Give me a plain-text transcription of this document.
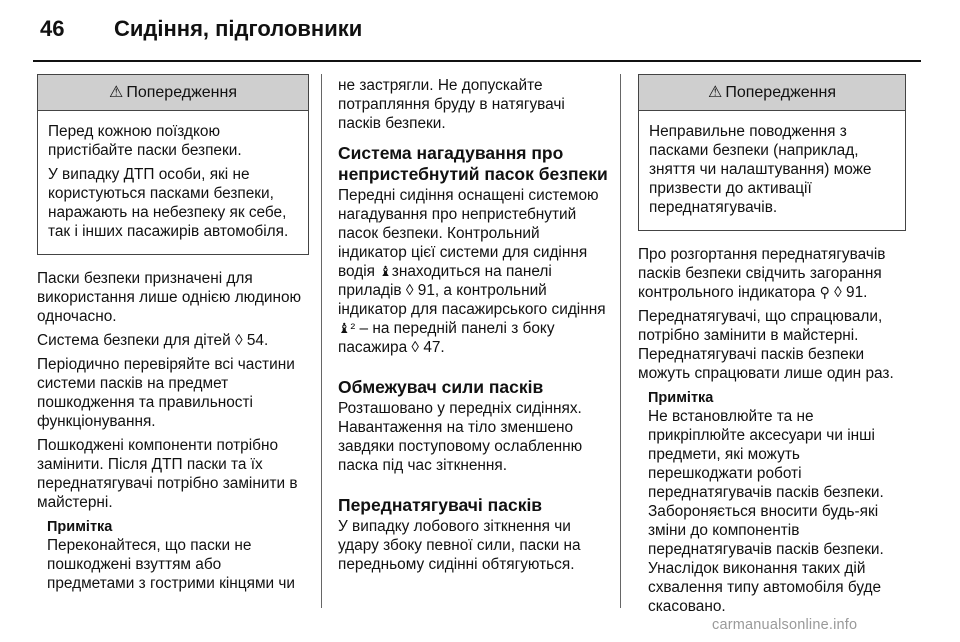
46	Сидіння, підголовники
⚠ Попередження

Перед кожною поїздкою пристібайте паски безпеки.

У випадку ДТП особи, які не користуються пасками безпеки, наражають на небезпеку як себе, так і інших пасажирів автомобіля.

Паски безпеки призначені для використання лише однією людиною одночасно.

Система безпеки для дітей ◊ 54.

Періодично перевіряйте всі частини системи пасків на предмет пошкодження та правильності функціонування.

Пошкоджені компоненти потрібно замінити. Після ДТП паски та їх переднатягувачі потрібно замінити в майстерні.

Примітка
Переконайтеся, що паски не пошкоджені взуттям або предметами з гострими кінцями чи

не застрягли. Не допускайте потрапляння бруду в натягувачі пасків безпеки.

Система нагадування про непристебнутий пасок безпеки

Передні сидіння оснащені системою нагадування про непристебнутий пасок безпеки. Контрольний індикатор цієї системи для сидіння водія ♝знаходиться на панелі приладів ◊ 91, а контрольний індикатор для пасажирського сидіння ♝² – на передній панелі з боку пасажира ◊ 47.

Обмежувач сили пасків

Розташовано у передніх сидіннях. Навантаження на тіло зменшено завдяки поступовому ослабленню паска під час зіткнення.

Переднатягувачі пасків

У випадку лобового зіткнення чи удару збоку певної сили, паски на передньому сидінні обтягуються.

⚠ Попередження

Неправильне поводження з пасками безпеки (наприклад, зняття чи налаштування) може призвести до активації переднатягувачів.

Про розгортання переднатягувачів пасків безпеки свідчить загорання контрольного індикатора ⚲ ◊ 91.

Переднатягувачі, що спрацювали, потрібно замінити в майстерні. Переднатягувачі пасків безпеки можуть спрацювати лише один раз.

Примітка
Не встановлюйте та не прикріплюйте аксесуари чи інші предмети, які можуть перешкоджати роботі переднатягувачів пасків безпеки. Забороняється вносити будь-які зміни до компонентів переднатягувачів пасків безпеки. Унаслідок виконання таких дій схвалення типу автомобіля буде скасовано.
carmanualsonline.info
